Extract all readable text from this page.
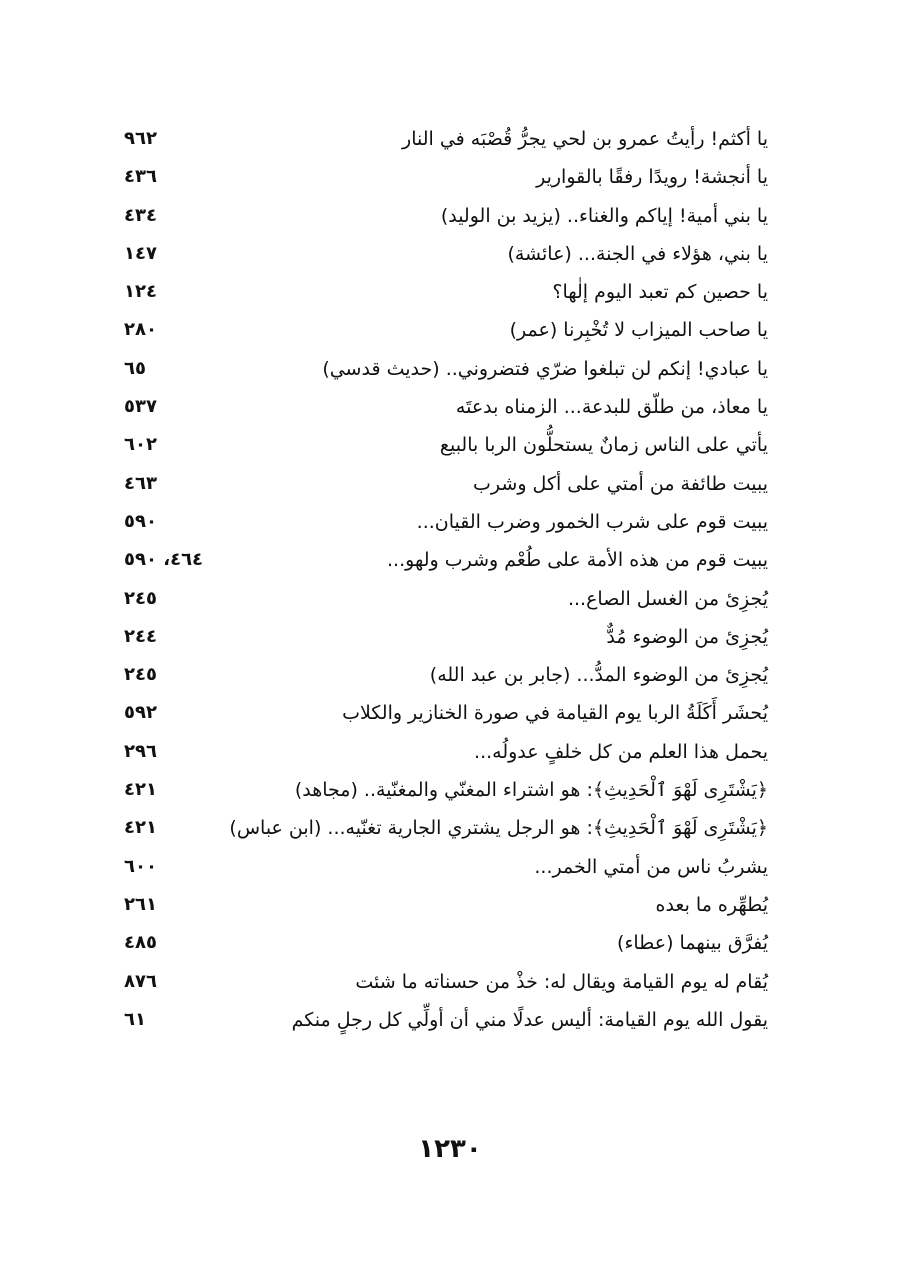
يا أكثم! رأيتُ عمرو بن لحي يجرُّ قُصْبَه في النار
٩٦٢
يا أنجشة! رويدًا رفقًا بالقوارير
٤٣٦
يا بني أمية! إياكم والغناء.. (يزيد بن الوليد)
٤٣٤
يا بني، هؤلاء في الجنة... (عائشة)
١٤٧
يا حصين كم تعبد اليوم إلٰها؟
١٢٤
يا صاحب الميزاب لا تُخْبِرنا (عمر)
٢٨٠
يا عبادي! إنكم لن تبلغوا ضرّي فتضروني.. (حديث قدسي)
٦٥
يا معاذ، من طلّق للبدعة... الزمناه بدعتَه
٥٣٧
يأتي على الناس زمانٌ يستحلُّون الربا بالبيع
٦٠٢
يبيت طائفة من أمتي على أكل وشرب
٤٦٣
يبيت قوم على شرب الخمور وضرب القيان...
٥٩٠
يبيت قوم من هذه الأمة على طُعْم وشرب ولهو...
٤٦٤، ٥٩٠
يُجزِئ من الغسل الصاع...
٢٤٥
يُجزِئ من الوضوء مُدٌّ
٢٤٤
يُجزِئ من الوضوء المدُّ... (جابر بن عبد الله)
٢٤٥
يُحشَر أَكَلَةُ الربا يوم القيامة في صورة الخنازير والكلاب
٥٩٢
يحمل هذا العلم من كل خلفٍ عدولُه...
٢٩٦
﴿يَشْتَرِى لَهْوَ ٱلْحَدِيثِ﴾: هو اشتراء المغنّي والمغنّية.. (مجاهد)
٤٢١
﴿يَشْتَرِى لَهْوَ ٱلْحَدِيثِ﴾: هو الرجل يشتري الجارية تغنّيه... (ابن عباس)
٤٢١
يشربُ ناس من أمتي الخمر...
٦٠٠
يُطهِّره ما بعده
٢٦١
يُفرَّق بينهما (عطاء)
٤٨٥
يُقام له يوم القيامة ويقال له: خذْ من حسناته ما شئت
٨٧٦
يقول الله يوم القيامة: أليس عدلًا مني أن أولِّي كل رجلٍ منكم
٦١
١٢٣٠
